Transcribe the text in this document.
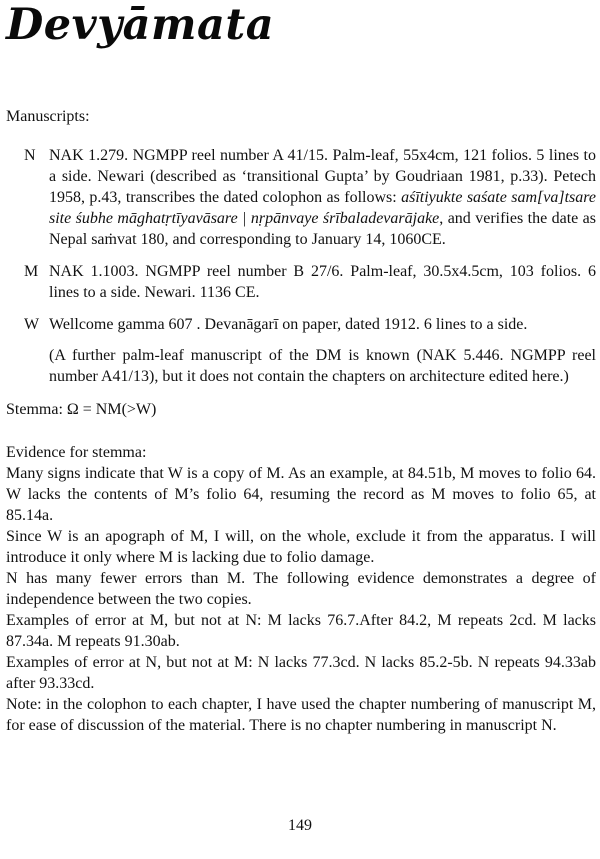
Devyāmata

Manuscripts:

N NAK 1.279. NGMPP reel number A 41/15. Palm-leaf, 55x4cm, 121 folios. 5 lines to a side. Newari (described as ‘transitional Gupta’ by Goudriaan 1981, p.33). Petech 1958, p.43, transcribes the dated colophon as follows: aśītiyukte saśate sam[va]tsare site śubhe māghatṛtīyavāsare | nṛpānvaye śrībaladevarājake, and verifies the date as Nepal saṁvat 180, and corresponding to January 14, 1060CE.
M NAK 1.1003. NGMPP reel number B 27/6. Palm-leaf, 30.5x4.5cm, 103 folios. 6 lines to a side. Newari. 1136 CE.
W Wellcome gamma 607 . Devanāgarī on paper, dated 1912. 6 lines to a side.

(A further palm-leaf manuscript of the DM is known (NAK 5.446. NGMPP reel number A41/13), but it does not contain the chapters on architecture edited here.)

Stemma: Ω = NM(>W)

Evidence for stemma:

Many signs indicate that W is a copy of M. As an example, at 84.51b, M moves to folio 64. W lacks the contents of M’s folio 64, resuming the record as M moves to folio 65, at 85.14a.

Since W is an apograph of M, I will, on the whole, exclude it from the apparatus. I will introduce it only where M is lacking due to folio damage.

N has many fewer errors than M. The following evidence demonstrates a degree of independence between the two copies.

Examples of error at M, but not at N: M lacks 76.7.After 84.2, M repeats 2cd. M lacks 87.34a. M repeats 91.30ab.

Examples of error at N, but not at M: N lacks 77.3cd. N lacks 85.2-5b. N repeats 94.33ab after 93.33cd.

Note: in the colophon to each chapter, I have used the chapter numbering of manuscript M, for ease of discussion of the material. There is no chapter numbering in manuscript N.

149
